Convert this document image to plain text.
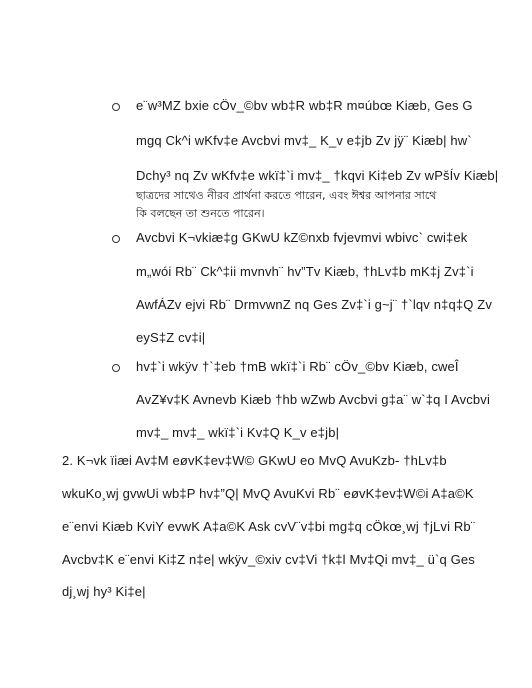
e¨w³MZ bxie cÖv_©bv wb‡R wb‡R m¤úbœ Kiæb, Ges G
mgq Ck^i wKfv‡e Avcbvi mv‡_ K_v e‡jb Zv jÿ¨ Kiæb| hw`
Dchy³ nq Zv wKfv‡e wkï‡`i mv‡_ †kqvi Ki‡eb Zv wPšÍv Kiæb|
ছাত্রদের সাথেও নীরব প্রার্থনা করতে পারেন, এবং ঈশ্বর আপনার সাথে
কি বলছেন তা শুনতে পারেন।
Avcbvi K¬vkiæ‡g GKwU kZ©nxb fvjevmvi wbivc` cwi‡ek
m„wói Rb¨ Ck^‡ii mvnvh¨ hv”Tv Kiæb, †hLv‡b mK‡j Zv‡`i
AwfÁZv ejvi Rb¨ DrmvwnZ nq Ges Zv‡`i g~j¨ †`lqv n‡q‡Q Zv
eyS‡Z cv‡i|
hv‡`i wkÿv †`‡eb †mB wkï‡`i Rb¨ cÖv_©bv Kiæb, cweÎ
AvZ¥v‡K Avnevb Kiæb †hb wZwb Avcbvi g‡a¨ w`‡q I Avcbvi
mv‡_ mv‡_ wkï‡`i Kv‡Q K_v e‡jb|
2. K¬vk ïiæi Av‡M eøvK‡ev‡W© GKwU eo MvQ AvuKzb- †hLv‡b
wkuKo¸wj gvwUi wb‡P hv‡”Q| MvQ AvuKvi Rb¨ eøvK‡ev‡W©i A‡a©K
e¨envi Kiæb KviY evwK A‡a©K Ask cvV¨v‡bi mg‡q cÖkœ¸wj †jLvi Rb¨
Avcbv‡K e¨envi Ki‡Z n‡e| wkÿv_©xiv cv‡Vi †k‡l Mv‡Qi mv‡_ ü`q Ges
dj¸wj hy³ Ki‡e|
